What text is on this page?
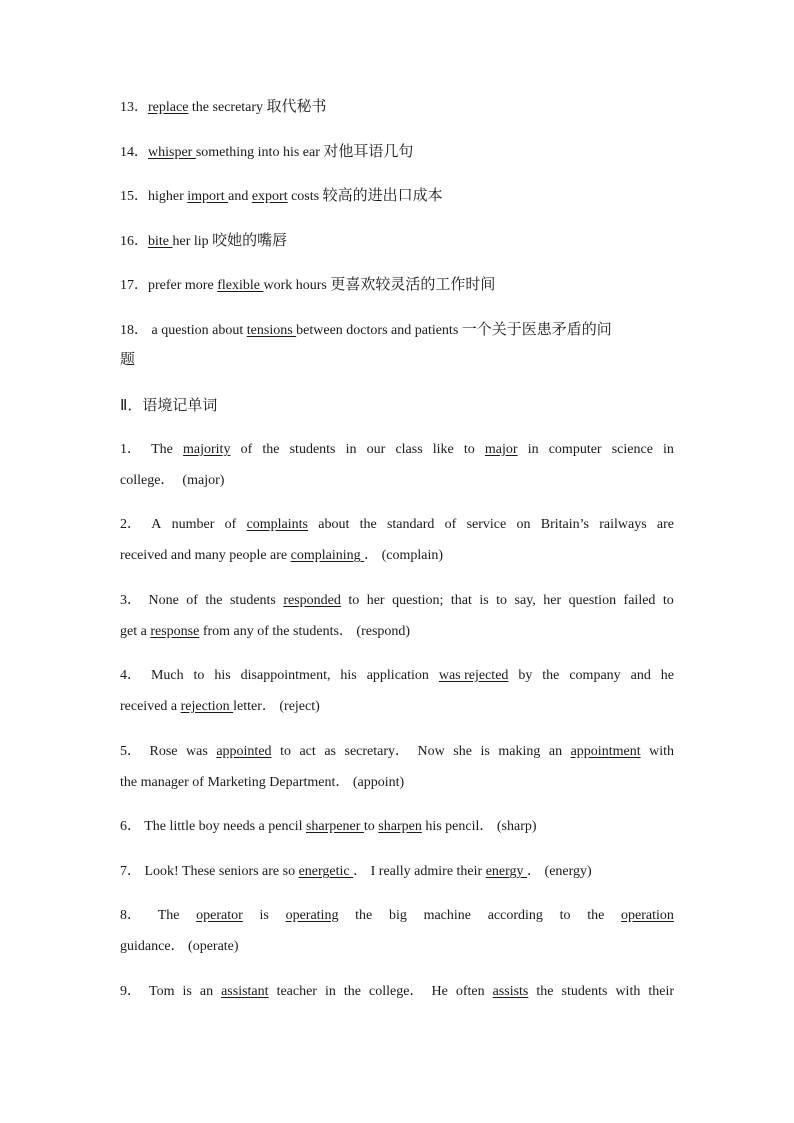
13．replace the secretary 取代秘书
14．whisper something into his ear 对他耳语几句
15．higher import and export costs 较高的进出口成本
16．bite her lip 咬她的嘴唇
17．prefer more flexible work hours 更喜欢较灵活的工作时间
18． a question about tensions between doctors and patients 一个关于医患矛盾的问
题
Ⅱ．语境记单词
1． The majority of the students in our class like to major in computer science in
college． (major)
2． A number of complaints about the standard of service on Britain’s railways are
received and many people are complaining ． (complain)
3． None of the students responded to her question; that is to say, her question failed to
get a response from any of the students． (respond)
4． Much to his disappointment, his application was rejected by the company and he
received a rejection letter． (reject)
5． Rose was appointed to act as secretary． Now she is making an appointment with
the manager of Marketing Department． (appoint)
6． The little boy needs a pencil sharpener to sharpen his pencil． (sharp)
7． Look! These seniors are so energetic ． I really admire their energy ． (energy)
8． The operator is operating the big machine according to the operation
guidance． (operate)
9． Tom is an assistant teacher in the college． He often assists the students with their
